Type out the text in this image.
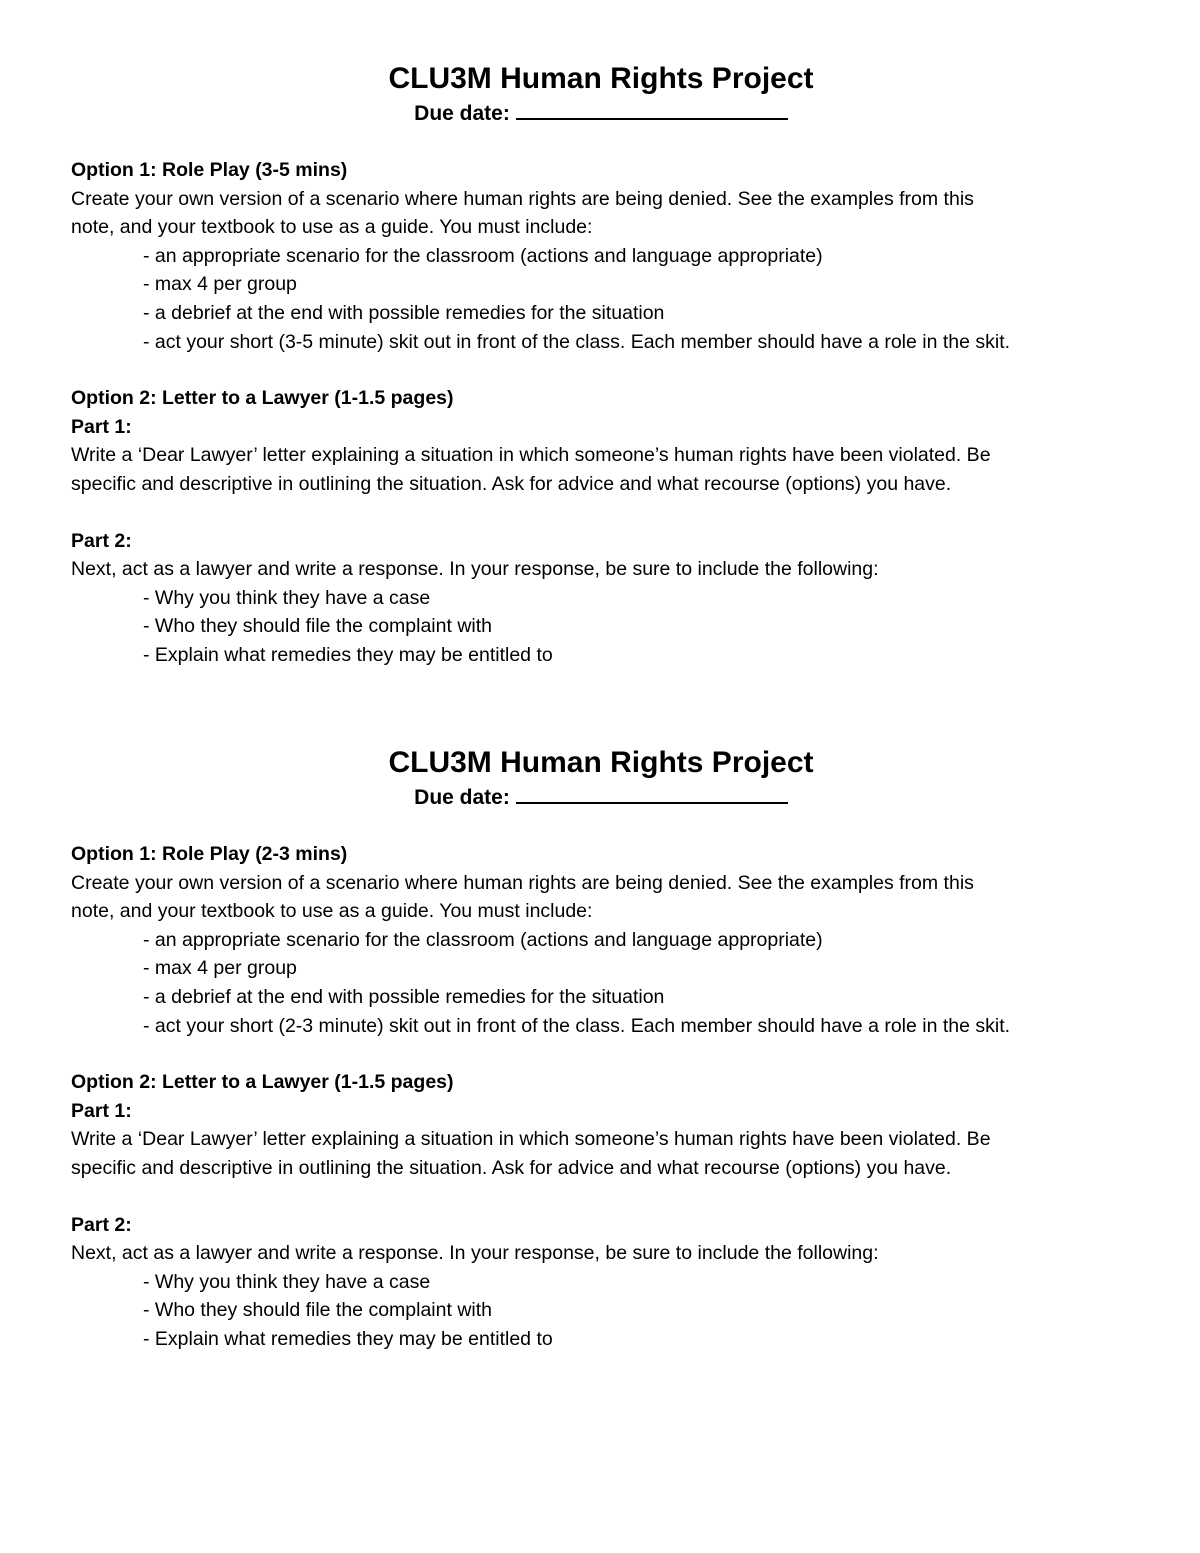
CLU3M Human Rights Project

Due date:

Option 1: Role Play (3-5 mins)

Create your own version of a scenario where human rights are being denied. See the examples from this

note, and your textbook to use as a guide. You must include:

- an appropriate scenario for the classroom (actions and language appropriate)

- max 4 per group

- a debrief at the end with possible remedies for the situation

- act your short (3-5 minute) skit out in front of the class. Each member should have a role in the skit.

Option 2: Letter to a Lawyer (1-1.5 pages)

Part 1:

Write a ‘Dear Lawyer’ letter explaining a situation in which someone’s human rights have been violated. Be

specific and descriptive in outlining the situation. Ask for advice and what recourse (options) you have.

Part 2:

Next, act as a lawyer and write a response. In your response, be sure to include the following:

- Why you think they have a case

- Who they should file the complaint with

- Explain what remedies they may be entitled to

CLU3M Human Rights Project

Due date:

Option 1: Role Play (2-3 mins)

Create your own version of a scenario where human rights are being denied. See the examples from this

note, and your textbook to use as a guide. You must include:

- an appropriate scenario for the classroom (actions and language appropriate)

- max 4 per group

- a debrief at the end with possible remedies for the situation

- act your short (2-3 minute) skit out in front of the class. Each member should have a role in the skit.

Option 2: Letter to a Lawyer (1-1.5 pages)

Part 1:

Write a ‘Dear Lawyer’ letter explaining a situation in which someone’s human rights have been violated. Be

specific and descriptive in outlining the situation. Ask for advice and what recourse (options) you have.

Part 2:

Next, act as a lawyer and write a response. In your response, be sure to include the following:

- Why you think they have a case

- Who they should file the complaint with

- Explain what remedies they may be entitled to
